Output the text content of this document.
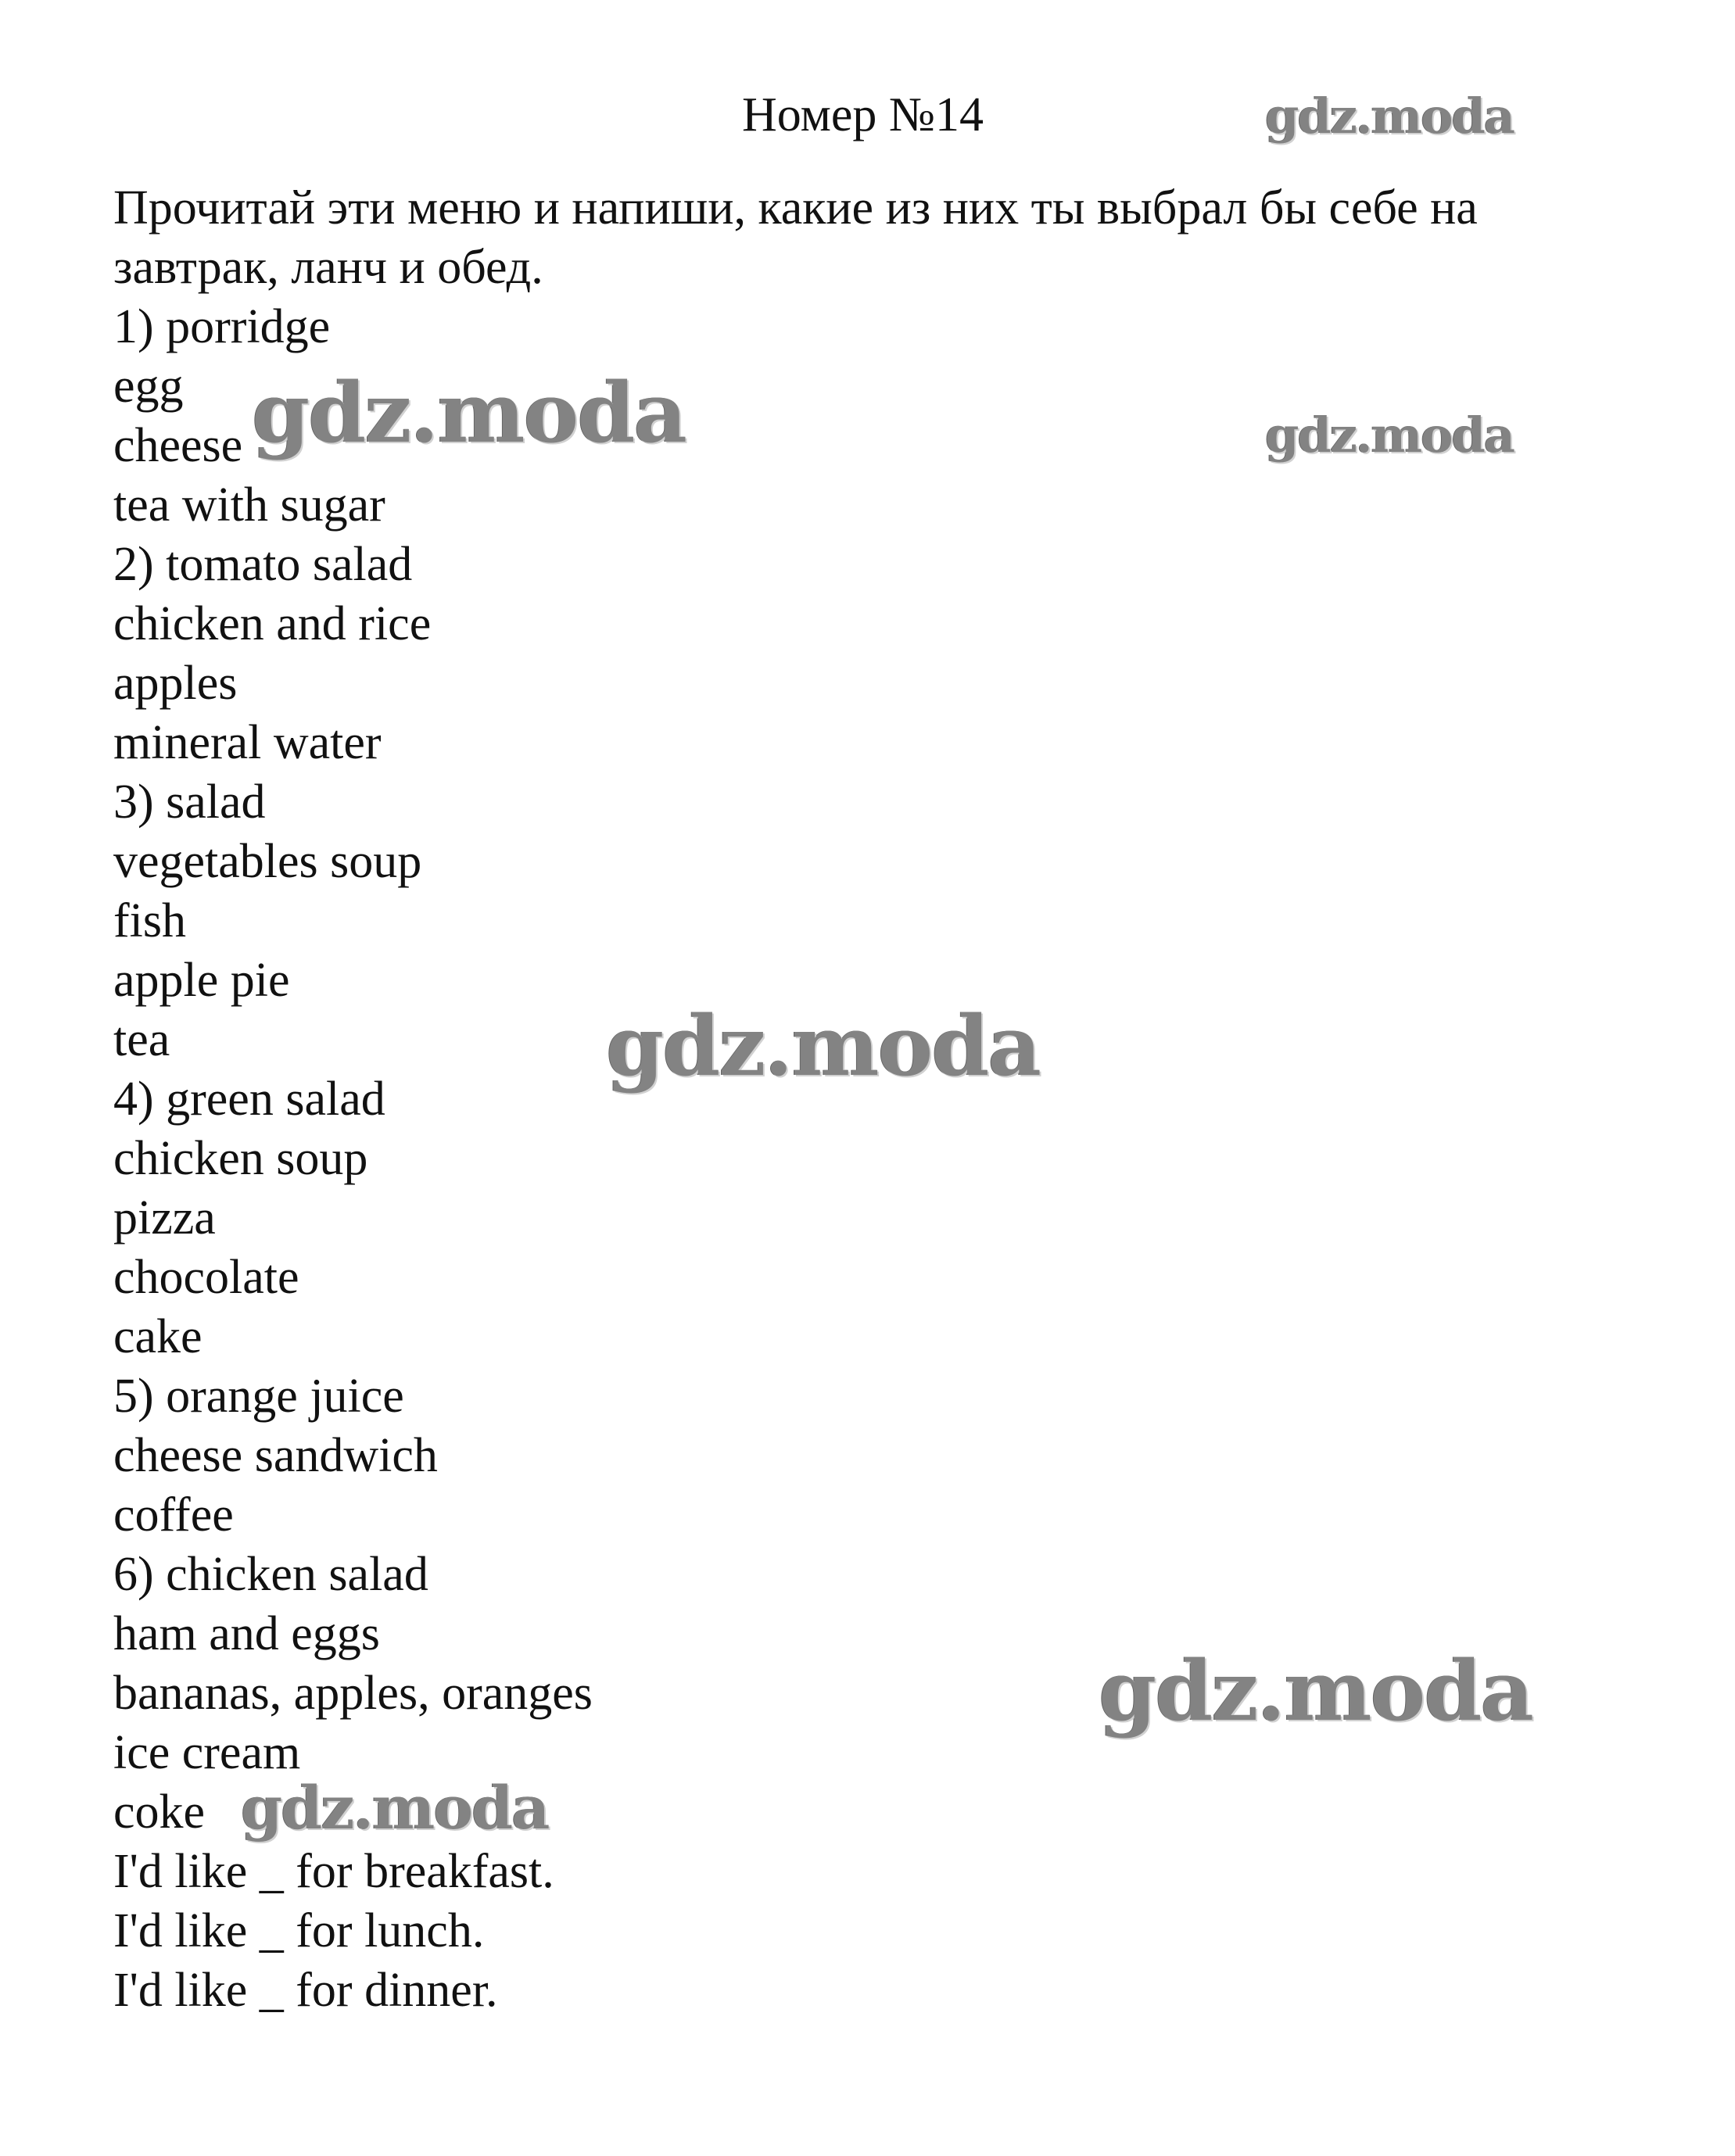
Номер №14

Прочитай эти меню и напиши, какие из них ты выбрал бы себе на завтрак, ланч и обед.

1) porridge
egg
cheese
tea with sugar
2) tomato salad
chicken and rice
apples
mineral water
3) salad
vegetables soup
fish
apple pie
tea
4) green salad
chicken soup
pizza
chocolate
cake
5) orange juice
cheese sandwich
coffee
6) chicken salad
ham and eggs
bananas, apples, oranges
ice cream
coke

I'd like _ for breakfast.

I'd like _ for lunch.

I'd like _ for dinner.

gdz.moda
gdz.moda	gdz.moda
gdz.moda
gdz.moda
gdz.moda
